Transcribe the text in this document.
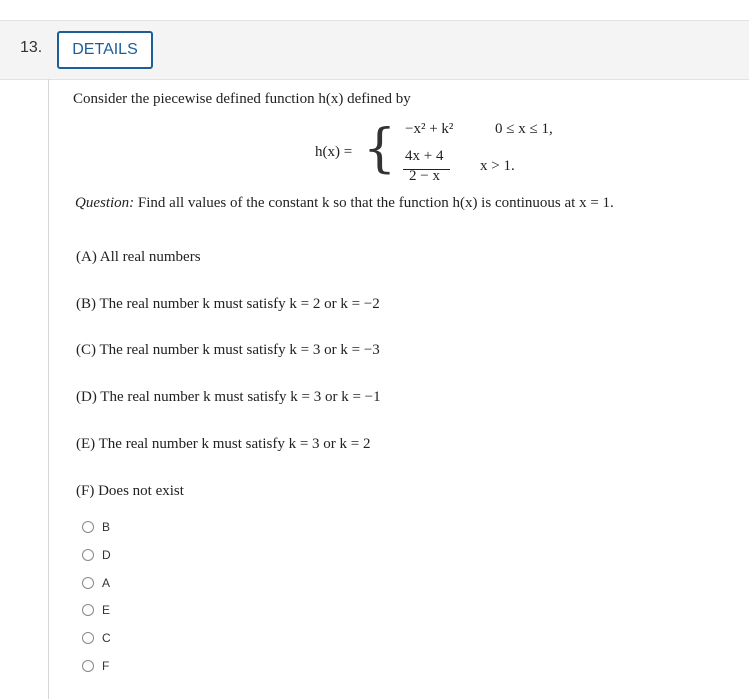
13.	DETAILS
Consider the piecewise defined function h(x) defined by
h(x) = { −x² + k²	0 ≤ x ≤ 1,
4x + 4
2 − x
x > 1.
Question: Find all values of the constant k so that the function h(x) is continuous at x = 1.
(A) All real numbers
(B) The real number k must satisfy k = 2 or k = −2
(C) The real number k must satisfy k = 3 or k = −3
(D) The real number k must satisfy k = 3 or k = −1
(E) The real number k must satisfy k = 3 or k = 2
(F) Does not exist
B
D
A
E
C
F
